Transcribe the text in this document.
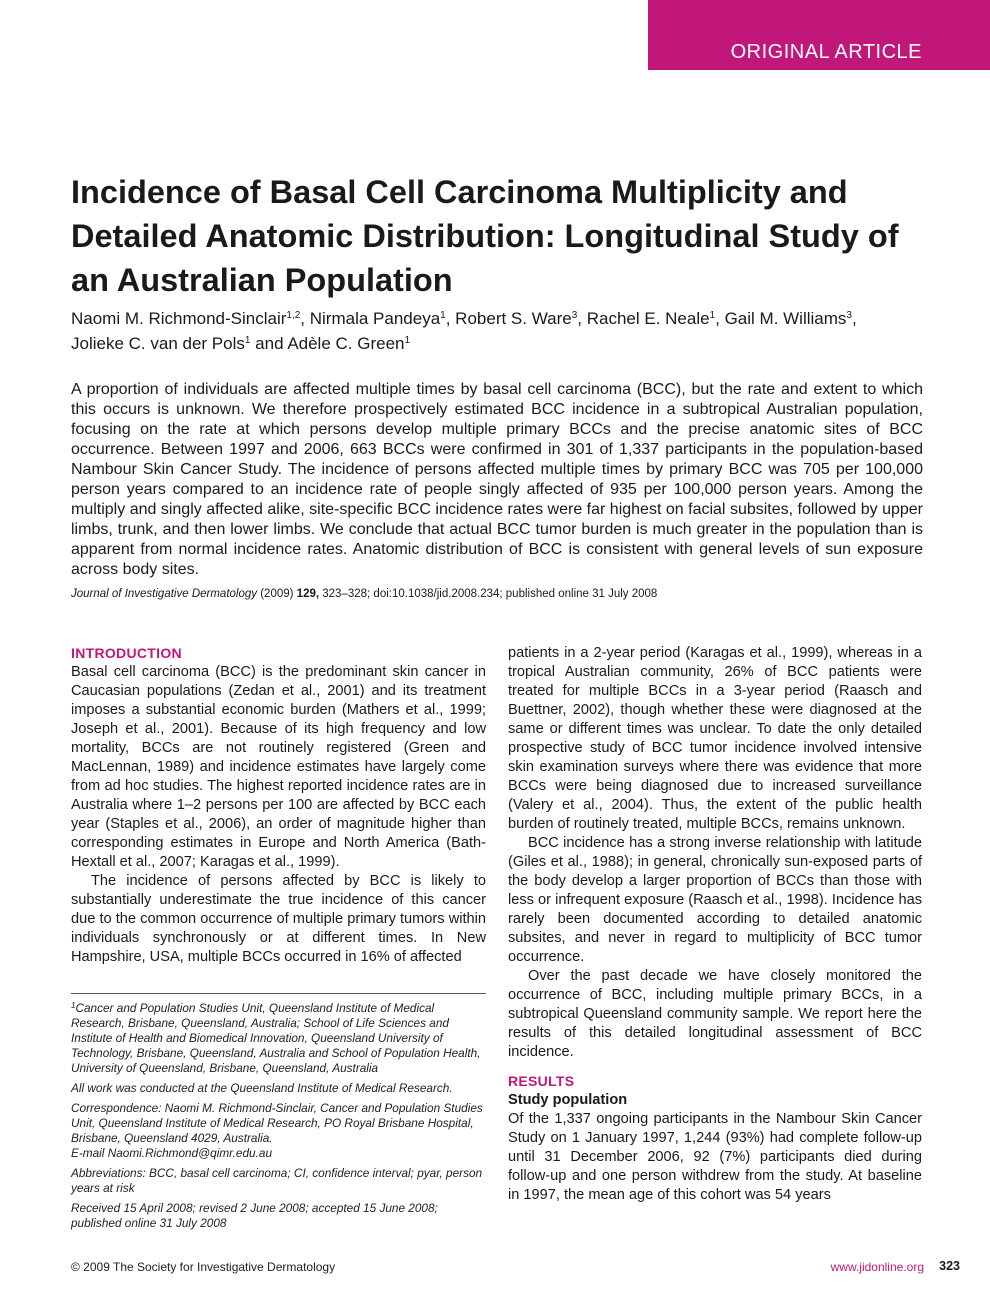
ORIGINAL ARTICLE
Incidence of Basal Cell Carcinoma Multiplicity and Detailed Anatomic Distribution: Longitudinal Study of an Australian Population
Naomi M. Richmond-Sinclair$^{1,2}$, Nirmala Pandeya$^1$, Robert S. Ware$^3$, Rachel E. Neale$^1$, Gail M. Williams$^3$,
Jolieke C. van der Pols$^1$ and Adèle C. Green$^1$

A proportion of individuals are affected multiple times by basal cell carcinoma (BCC), but the rate and extent to which this occurs is unknown. We therefore prospectively estimated BCC incidence in a subtropical Australian population, focusing on the rate at which persons develop multiple primary BCCs and the precise anatomic sites of BCC occurrence. Between 1997 and 2006, 663 BCCs were confirmed in 301 of 1,337 participants in the population-based Nambour Skin Cancer Study. The incidence of persons affected multiple times by primary BCC was 705 per 100,000 person years compared to an incidence rate of people singly affected of 935 per 100,000 person years. Among the multiply and singly affected alike, site-specific BCC incidence rates were far highest on facial subsites, followed by upper limbs, trunk, and then lower limbs. We conclude that actual BCC tumor burden is much greater in the population than is apparent from normal incidence rates. Anatomic distribution of BCC is consistent with general levels of sun exposure across body sites.

Journal of Investigative Dermatology (2009) 129, 323–328; doi:10.1038/jid.2008.234; published online 31 July 2008

INTRODUCTION

Basal cell carcinoma (BCC) is the predominant skin cancer in Caucasian populations (Zedan et al., 2001) and its treatment imposes a substantial economic burden (Mathers et al., 1999; Joseph et al., 2001). Because of its high frequency and low mortality, BCCs are not routinely registered (Green and MacLennan, 1989) and incidence estimates have largely come from ad hoc studies. The highest reported incidence rates are in Australia where 1–2 persons per 100 are affected by BCC each year (Staples et al., 2006), an order of magnitude higher than corresponding estimates in Europe and North America (Bath-Hextall et al., 2007; Karagas et al., 1999).

The incidence of persons affected by BCC is likely to substantially underestimate the true incidence of this cancer due to the common occurrence of multiple primary tumors within individuals synchronously or at different times. In New Hampshire, USA, multiple BCCs occurred in 16% of affected

$^1$Cancer and Population Studies Unit, Queensland Institute of Medical Research, Brisbane, Queensland, Australia; School of Life Sciences and Institute of Health and Biomedical Innovation, Queensland University of Technology, Brisbane, Queensland, Australia and School of Population Health, University of Queensland, Brisbane, Queensland, Australia

All work was conducted at the Queensland Institute of Medical Research.

Correspondence: Naomi M. Richmond-Sinclair, Cancer and Population Studies Unit, Queensland Institute of Medical Research, PO Royal Brisbane Hospital, Brisbane, Queensland 4029, Australia.
E-mail Naomi.Richmond@qimr.edu.au

Abbreviations: BCC, basal cell carcinoma; CI, confidence interval; pyar, person years at risk

Received 15 April 2008; revised 2 June 2008; accepted 15 June 2008; published online 31 July 2008

patients in a 2-year period (Karagas et al., 1999), whereas in a tropical Australian community, 26% of BCC patients were treated for multiple BCCs in a 3-year period (Raasch and Buettner, 2002), though whether these were diagnosed at the same or different times was unclear. To date the only detailed prospective study of BCC tumor incidence involved intensive skin examination surveys where there was evidence that more BCCs were being diagnosed due to increased surveillance (Valery et al., 2004). Thus, the extent of the public health burden of routinely treated, multiple BCCs, remains unknown.

BCC incidence has a strong inverse relationship with latitude (Giles et al., 1988); in general, chronically sun-exposed parts of the body develop a larger proportion of BCCs than those with less or infrequent exposure (Raasch et al., 1998). Incidence has rarely been documented according to detailed anatomic subsites, and never in regard to multiplicity of BCC tumor occurrence.

Over the past decade we have closely monitored the occurrence of BCC, including multiple primary BCCs, in a subtropical Queensland community sample. We report here the results of this detailed longitudinal assessment of BCC incidence.

RESULTS

Study population

Of the 1,337 ongoing participants in the Nambour Skin Cancer Study on 1 January 1997, 1,244 (93%) had complete follow-up until 31 December 2006, 92 (7%) participants died during follow-up and one person withdrew from the study. At baseline in 1997, the mean age of this cohort was 54 years

© 2009 The Society for Investigative Dermatology	www.jidonline.org 323
